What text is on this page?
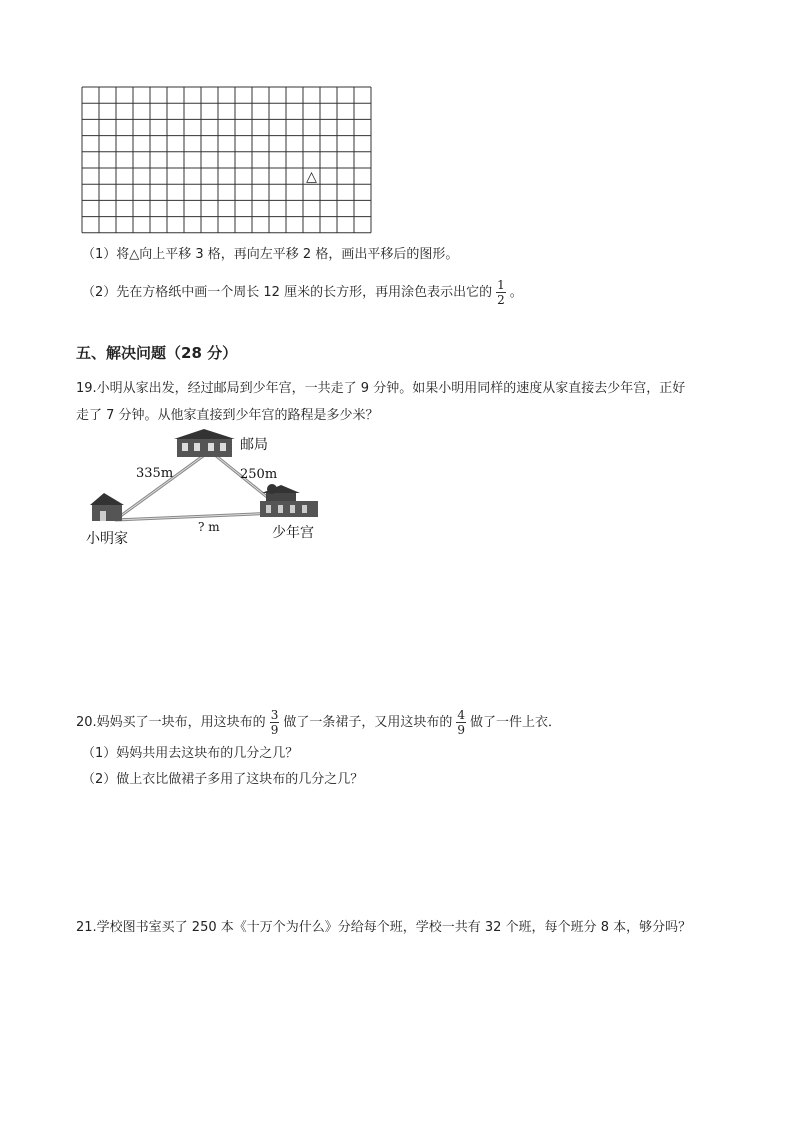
△
（1）将△向上平移 3 格，再向左平移 2 格，画出平移后的图形。
（2）先在方格纸中画一个周长 12 厘米的长方形，再用涂色表示出它的 $\frac{1}{2}$ 。
五、解决问题（28 分）
19.小明从家出发，经过邮局到少年宫，一共走了 9 分钟。如果小明用同样的速度从家直接去少年宫，正好
走了 7 分钟。从他家直接到少年宫的路程是多少米？
邮局
335m	250m
? m
小明家	少年宫
20.妈妈买了一块布，用这块布的 $\frac{3}{9}$ 做了一条裙子，又用这块布的 $\frac{4}{9}$ 做了一件上衣．
（1）妈妈共用去这块布的几分之几？
（2）做上衣比做裙子多用了这块布的几分之几？
21.学校图书室买了 250 本《十万个为什么》分给每个班，学校一共有 32 个班，每个班分 8 本，够分吗？
